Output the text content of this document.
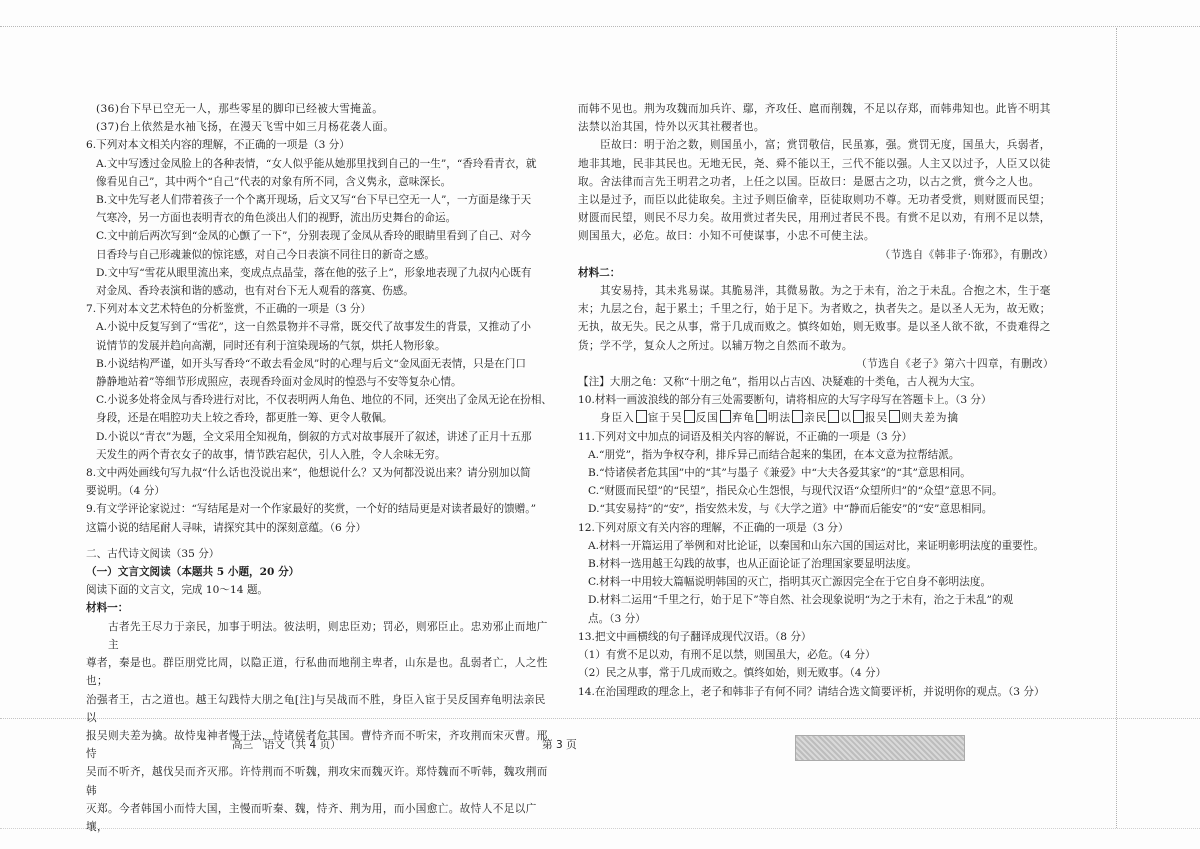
(36)台下早已空无一人，那些零星的脚印已经被大雪掩盖。

(37)台上依然是水袖飞扬，在漫天飞雪中如三月杨花袭人面。

6.下列对本文相关内容的理解，不正确的一项是（3 分）

A.文中写透过金凤脸上的各种表情，“女人似乎能从她那里找到自己的一生”，“香玲看青衣，就

像看见自己”，其中两个“自己”代表的对象有所不同，含义隽永，意味深长。

B.文中先写老人们带着孩子一个个离开现场，后文又写“台下早已空无一人”，一方面是缘于天

气寒冷，另一方面也表明青衣的角色淡出人们的视野，流出历史舞台的命运。

C.文中前后两次写到“金凤的心颤了一下”，分别表现了金凤从香玲的眼睛里看到了自己、对今

日香玲与自己形魂兼似的惊诧感，对自己今日表演不同往日的新奇之感。

D.文中写“雪花从眼里流出来，变成点点晶莹，落在他的弦子上”，形象地表现了九叔内心既有

对金凤、香玲表演和谐的感动，也有对台下无人观看的落寞、伤感。

7.下列对本文艺术特色的分析鉴赏，不正确的一项是（3 分）

A.小说中反复写到了“雪花”，这一自然景物并不寻常，既交代了故事发生的背景，又推动了小

说情节的发展并趋向高潮，同时还有利于渲染现场的气氛，烘托人物形象。

B.小说结构严谨，如开头写香玲“不敢去看金凤”时的心理与后文“金凤面无表情，只是在门口

静静地站着”等细节形成照应，表现香玲面对金凤时的惶恐与不安等复杂心情。

C.小说多处将金凤与香玲进行对比，不仅表明两人角色、地位的不同，还突出了金凤无论在扮相、

身段，还是在唱腔功夫上较之香玲，都更胜一筹、更令人敬佩。

D.小说以“青衣”为题，全文采用全知视角，倒叙的方式对故事展开了叙述，讲述了正月十五那

天发生的两个青衣女子的故事，情节跌宕起伏，引人入胜，令人余味无穷。

8.文中两处画线句写九叔“什么话也没说出来”，他想说什么？又为何都没说出来？请分别加以简

要说明。（4 分）

9.有文学评论家说过：“写结尾是对一个作家最好的奖赏，一个好的结局更是对读者最好的馈赠。”

这篇小说的结尾耐人寻味，请探究其中的深刻意蕴。（6 分）

二、古代诗文阅读（35 分）

（一）文言文阅读（本题共 5 小题，20 分）

阅读下面的文言文，完成 10～14 题。

材料一：

古者先王尽力于亲民，加事于明法。彼法明，则忠臣劝；罚必，则邪臣止。忠劝邪止而地广主

尊者，秦是也。群臣朋党比周，以隐正道，行私曲而地削主卑者，山东是也。乱弱者亡，人之性也；

治强者王，古之道也。越王勾践恃大朋之龟[注]与吴战而不胜，身臣入宦于吴反国弃龟明法亲民以

报吴则夫差为擒。故恃鬼神者慢于法，恃诸侯者危其国。曹恃齐而不听宋，齐攻荆而宋灭曹。邢恃

吴而不听齐，越伐吴而齐灭邢。许恃荆而不听魏，荆攻宋而魏灭许。郑恃魏而不听韩，魏攻荆而韩

灭郑。今者韩国小而恃大国，主慢而听秦、魏，恃齐、荆为用，而小国愈亡。故恃人不足以广壤，

而韩不见也。荆为攻魏而加兵许、鄢，齐攻任、扈而削魏，不足以存郑，而韩弗知也。此皆不明其

法禁以治其国，恃外以灭其社稷者也。

臣故曰：明于治之数，则国虽小，富；赏罚敬信，民虽寡，强。赏罚无度，国虽大，兵弱者，

地非其地，民非其民也。无地无民，尧、舜不能以王，三代不能以强。人主又以过予，人臣又以徒

取。舍法律而言先王明君之功者，上任之以国。臣故曰：是愿古之功，以古之赏，赏今之人也。

主以是过予，而臣以此徒取矣。主过予则臣偷幸，臣徒取则功不尊。无功者受赏，则财匮而民望；

财匮而民望，则民不尽力矣。故用赏过者失民，用刑过者民不畏。有赏不足以劝，有刑不足以禁，

则国虽大，必危。故曰：小知不可使谋事，小忠不可使主法。

（节选自《韩非子·饰邪》，有删改）

材料二：

其安易持，其未兆易谋。其脆易泮，其微易散。为之于未有，治之于未乱。合抱之木，生于毫

末；九层之台，起于累土；千里之行，始于足下。为者败之，执者失之。是以圣人无为，故无败；

无执，故无失。民之从事，常于几成而败之。慎终如始，则无败事。是以圣人欲不欲，不贵难得之

货；学不学，复众人之所过。以辅万物之自然而不敢为。

（节选自《老子》第六十四章，有删改）

【注】大朋之龟：又称“十朋之龟”，指用以占吉凶、决疑难的十类龟，古人视为大宝。

10.材料一画波浪线的部分有三处需要断句，请将相应的大写字母写在答题卡上。（3 分）

身臣入 宦于吴 反国 弃龟 明法 亲民 以 报吴 则夫差为擒

11.下列对文中加点的词语及相关内容的解说，不正确的一项是（3 分）

A.“朋党”，指为争权夺利，排斥异己而结合起来的集团，在本文意为拉帮结派。

B.“恃诸侯者危其国”中的“其”与墨子《兼爱》中“大夫各爱其家”的“其”意思相同。

C.“财匮而民望”的“民望”，指民众心生怨恨，与现代汉语“众望所归”的“众望”意思不同。

D.“其安易持”的“安”，指安然未发，与《大学之道》中“静而后能安”的“安”意思相同。

12.下列对原文有关内容的理解，不正确的一项是（3 分）

A.材料一开篇运用了举例和对比论证，以秦国和山东六国的国运对比，来证明彰明法度的重要性。

B.材料一选用越王勾践的故事，也从正面论证了治理国家要显明法度。

C.材料一中用较大篇幅说明韩国的灭亡，指明其灭亡源因完全在于它自身不彰明法度。

D.材料二运用“千里之行，始于足下”等自然、社会现象说明“为之于未有，治之于未乱”的观

点。（3 分）

13.把文中画横线的句子翻译成现代汉语。（8 分）

（1）有赏不足以劝，有刑不足以禁，则国虽大，必危。（4 分）

（2）民之从事，常于几成而败之。慎终如始，则无败事。（4 分）

14.在治国理政的理念上，老子和韩非子有何不同？请结合选文简要评析，并说明你的观点。（3 分）

高三　语文（共 4 页）	第 3 页
